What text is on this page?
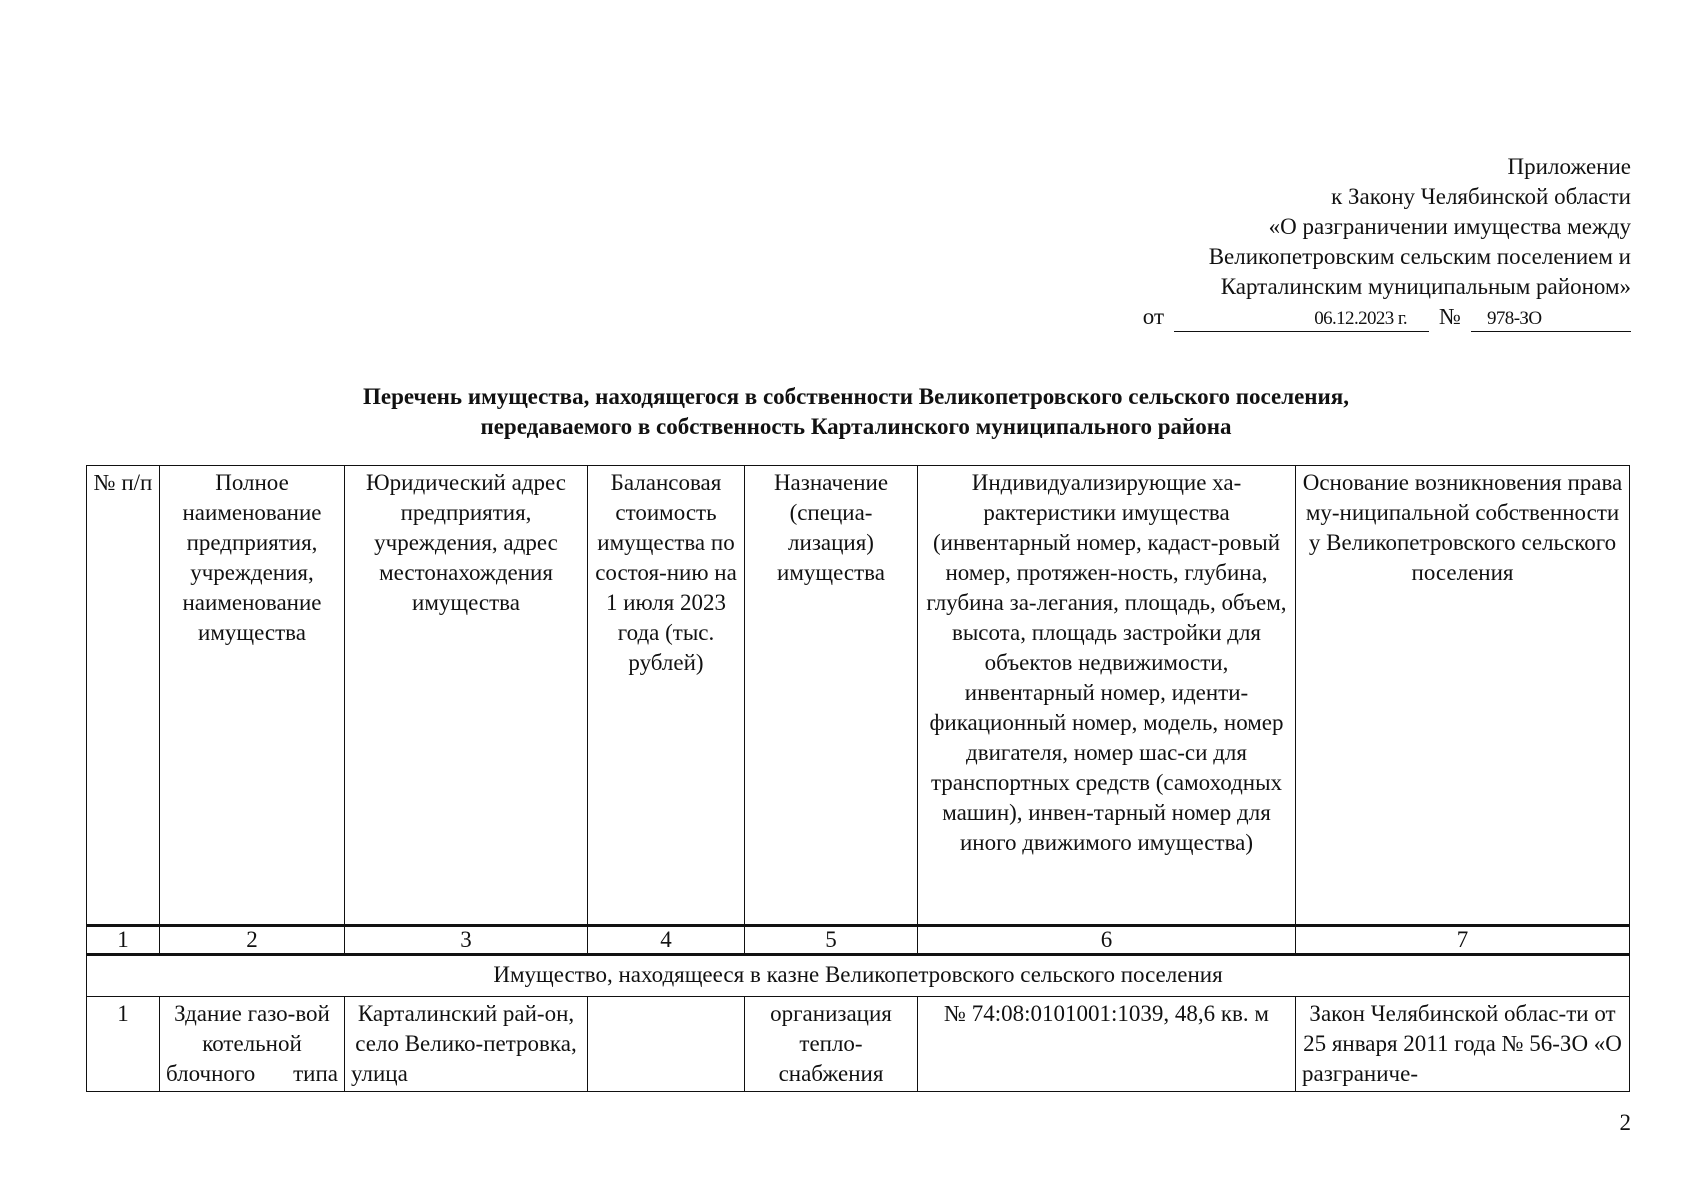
Приложение
к Закону Челябинской области
«О разграничении имущества между
Великопетровским сельским поселением и
Карталинским муниципальным районом»
от	06.12.2023 г.	№	978-ЗО
Перечень имущества, находящегося в собственности Великопетровского сельского поселения,
передаваемого в собственность Карталинского муниципального района
№ п/п	Полное наименование предприятия, учреждения, наименование имущества	Юридический адрес предприятия, учреждения, адрес местонахождения имущества	Балансовая стоимость имущества по состоя-нию на 1 июля 2023 года (тыс. рублей)	Назначение (специа-лизация) имущества	Индивидуализирующие ха-рактеристики имущества (инвентарный номер, кадаст-ровый номер, протяжен-ность, глубина, глубина за-легания, площадь, объем, высота, площадь застройки для объектов недвижимости, инвентарный номер, иденти-фикационный номер, модель, номер двигателя, номер шас-си для транспортных средств (самоходных машин), инвен-тарный номер для иного движимого имущества)	Основание возникновения права му-ниципальной собственности у Великопетровского сельского поселения
1	2	3	4	5	6	7
Имущество, находящееся в казне Великопетровского сельского поселения						
1	Здание газо-вой котельной блочного типа	Карталинский рай-он, село Велико-петровка, улица		организация тепло-снабжения	№ 74:08:0101001:1039, 48,6 кв. м	Закон Челябинской облас-ти от 25 января 2011 года № 56-ЗО «О разграниче-
2
